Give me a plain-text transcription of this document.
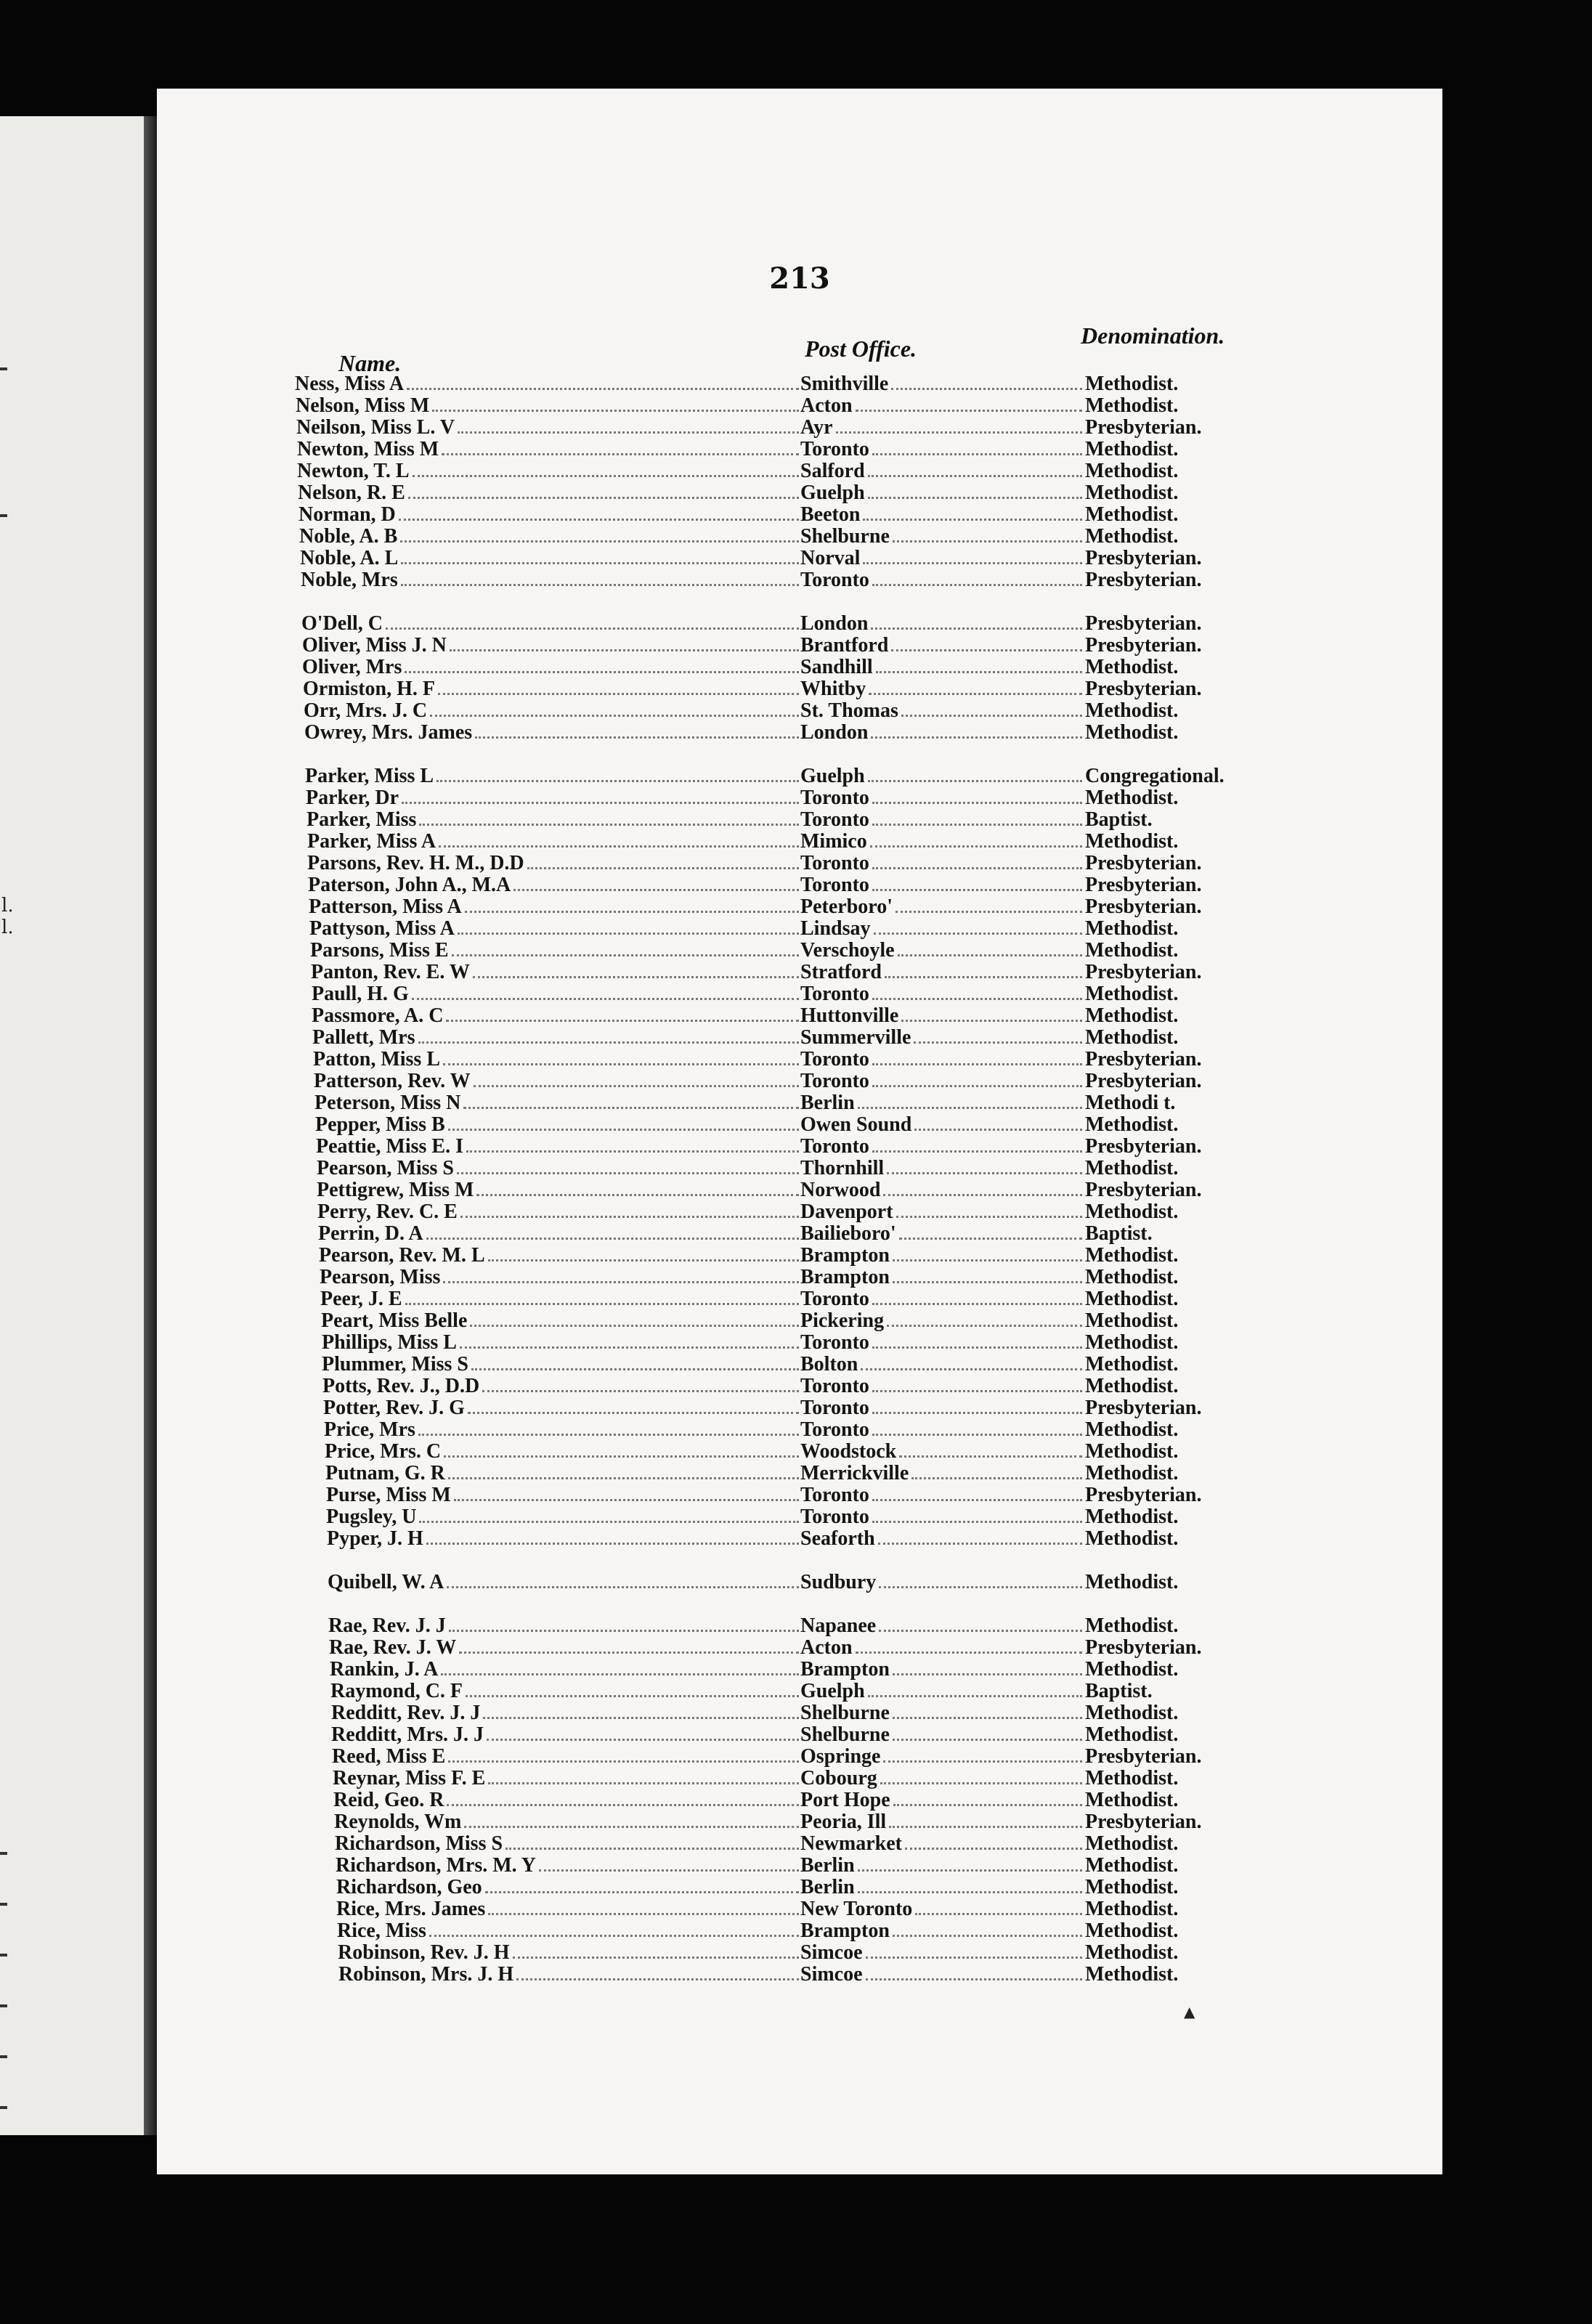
l.
l.
213
Name.
Post Office.	Denomination.
Ness, Miss A	Smithville	Methodist.
Nelson, Miss M	Acton	Methodist.
Neilson, Miss L. V	Ayr	Presbyterian.
Newton, Miss M	Toronto	Methodist.
Newton, T. L	Salford	Methodist.
Nelson, R. E	Guelph	Methodist.
Norman, D	Beeton	Methodist.
Noble, A. B	Shelburne	Methodist.
Noble, A. L	Norval	Presbyterian.
Noble, Mrs	Toronto	Presbyterian.
O'Dell, C	London	Presbyterian.
Oliver, Miss J. N	Brantford	Presbyterian.
Oliver, Mrs	Sandhill	Methodist.
Ormiston, H. F	Whitby	Presbyterian.
Orr, Mrs. J. C	St. Thomas	Methodist.
Owrey, Mrs. James	London	Methodist.
Parker, Miss L	Guelph	Congregational.
Parker, Dr	Toronto	Methodist.
Parker, Miss	Toronto	Baptist.
Parker, Miss A	Mimico	Methodist.
Parsons, Rev. H. M., D.D	Toronto	Presbyterian.
Paterson, John A., M.A	Toronto	Presbyterian.
Patterson, Miss A	Peterboro'	Presbyterian.
Pattyson, Miss A	Lindsay	Methodist.
Parsons, Miss E	Verschoyle	Methodist.
Panton, Rev. E. W	Stratford	Presbyterian.
Paull, H. G	Toronto	Methodist.
Passmore, A. C	Huttonville	Methodist.
Pallett, Mrs	Summerville	Methodist.
Patton, Miss L	Toronto	Presbyterian.
Patterson, Rev. W	Toronto	Presbyterian.
Peterson, Miss N	Berlin	Methodi t.
Pepper, Miss B	Owen Sound	Methodist.
Peattie, Miss E. I	Toronto	Presbyterian.
Pearson, Miss S	Thornhill	Methodist.
Pettigrew, Miss M	Norwood	Presbyterian.
Perry, Rev. C. E	Davenport	Methodist.
Perrin, D. A	Bailieboro'	Baptist.
Pearson, Rev. M. L	Brampton	Methodist.
Pearson, Miss	Brampton	Methodist.
Peer, J. E	Toronto	Methodist.
Peart, Miss Belle	Pickering	Methodist.
Phillips, Miss L	Toronto	Methodist.
Plummer, Miss S	Bolton	Methodist.
Potts, Rev. J., D.D	Toronto	Methodist.
Potter, Rev. J. G	Toronto	Presbyterian.
Price, Mrs	Toronto	Methodist.
Price, Mrs. C	Woodstock	Methodist.
Putnam, G. R	Merrickville	Methodist.
Purse, Miss M	Toronto	Presbyterian.
Pugsley, U	Toronto	Methodist.
Pyper, J. H	Seaforth	Methodist.
Quibell, W. A	Sudbury	Methodist.
Rae, Rev. J. J	Napanee	Methodist.
Rae, Rev. J. W	Acton	Presbyterian.
Rankin, J. A	Brampton	Methodist.
Raymond, C. F	Guelph	Baptist.
Redditt, Rev. J. J	Shelburne	Methodist.
Redditt, Mrs. J. J	Shelburne	Methodist.
Reed, Miss E	Ospringe	Presbyterian.
Reynar, Miss F. E	Cobourg	Methodist.
Reid, Geo. R	Port Hope	Methodist.
Reynolds, Wm	Peoria, Ill	Presbyterian.
Richardson, Miss S	Newmarket	Methodist.
Richardson, Mrs. M. Y	Berlin	Methodist.
Richardson, Geo	Berlin	Methodist.
Rice, Mrs. James	New Toronto	Methodist.
Rice, Miss	Brampton	Methodist.
Robinson, Rev. J. H	Simcoe	Methodist.
Robinson, Mrs. J. H	Simcoe	Methodist.
▲
